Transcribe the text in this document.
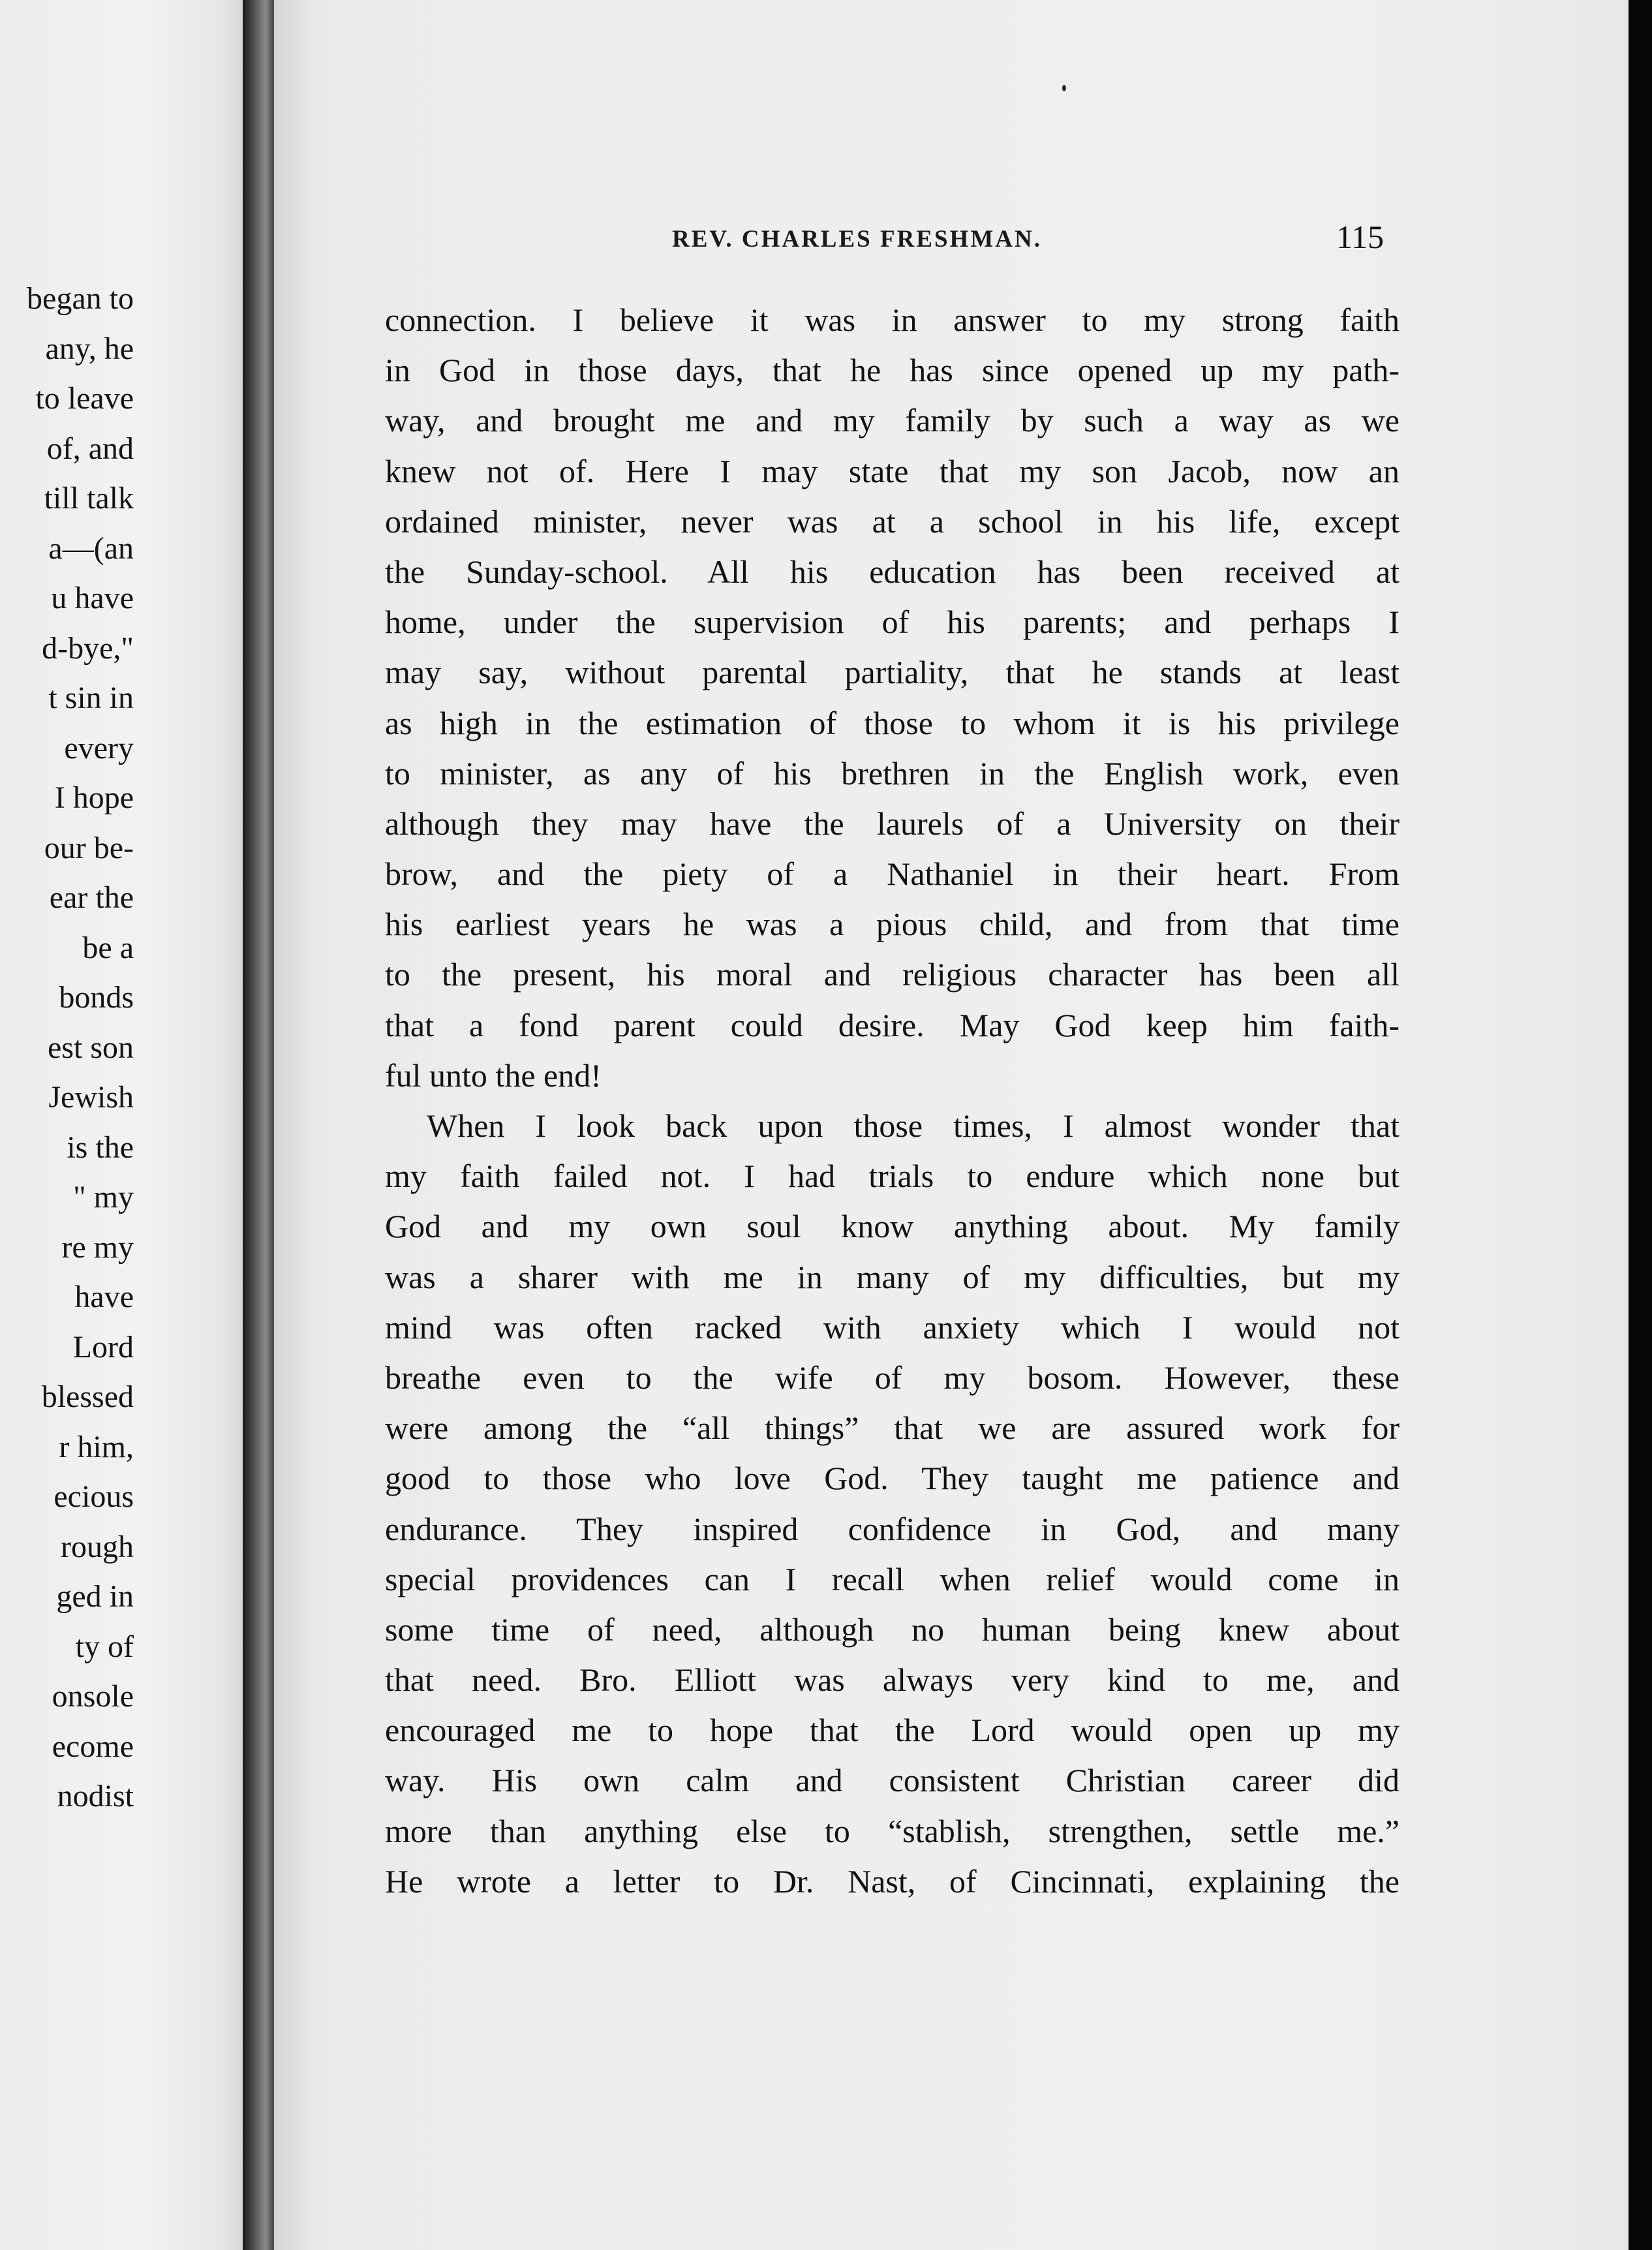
began to
any, he
to leave
of, and
till talk
a—(an
u have
d-bye,"
t sin in
every
I hope
our be-
ear the
be a
bonds
est son
Jewish
is the
" my
re my
have
Lord
blessed
r him,
ecious
rough
ged in
ty of
onsole
ecome
nodist
REV. CHARLES FRESHMAN.	115
connection. I believe it was in answer to my strong faith
in God in those days, that he has since opened up my path-
way, and brought me and my family by such a way as we
knew not of. Here I may state that my son Jacob, now an
ordained minister, never was at a school in his life, except
the Sunday-school. All his education has been received at
home, under the supervision of his parents; and perhaps I
may say, without parental partiality, that he stands at least
as high in the estimation of those to whom it is his privilege
to minister, as any of his brethren in the English work, even
although they may have the laurels of a University on their
brow, and the piety of a Nathaniel in their heart. From
his earliest years he was a pious child, and from that time
to the present, his moral and religious character has been all
that a fond parent could desire. May God keep him faith-
ful unto the end!
When I look back upon those times, I almost wonder that
my faith failed not. I had trials to endure which none but
God and my own soul know anything about. My family
was a sharer with me in many of my difficulties, but my
mind was often racked with anxiety which I would not
breathe even to the wife of my bosom. However, these
were among the “all things” that we are assured work for
good to those who love God. They taught me patience and
endurance. They inspired confidence in God, and many
special providences can I recall when relief would come in
some time of need, although no human being knew about
that need. Bro. Elliott was always very kind to me, and
encouraged me to hope that the Lord would open up my
way. His own calm and consistent Christian career did
more than anything else to “stablish, strengthen, settle me.”
He wrote a letter to Dr. Nast, of Cincinnati, explaining the
